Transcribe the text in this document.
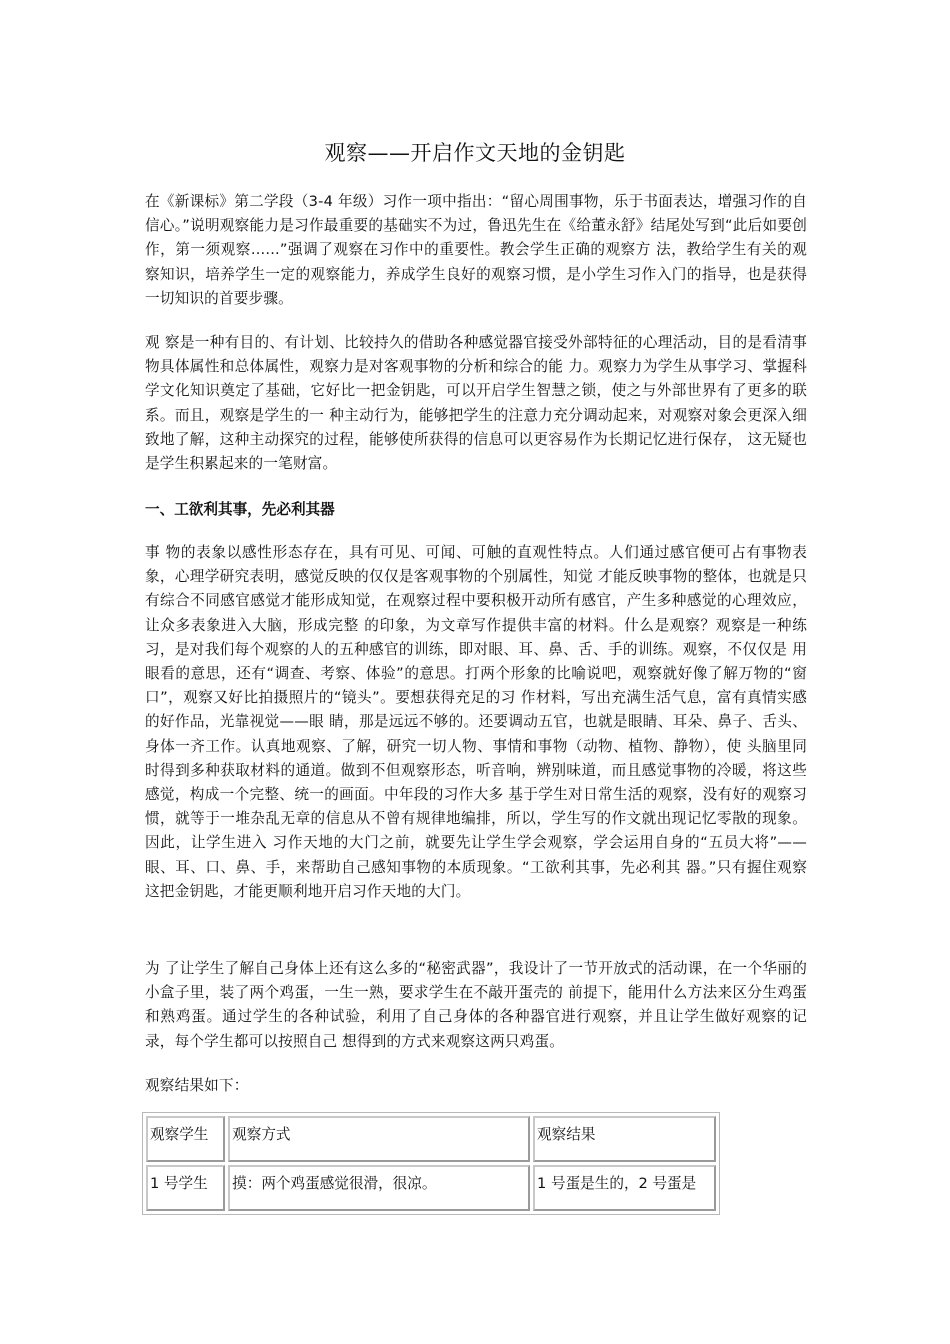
观察——开启作文天地的金钥匙

在《新课标》第二学段（3-4 年级）习作一项中指出：“留心周围事物，乐于书面表达，增强习作的自信心。”说明观察能力是习作最重要的基础实不为过，鲁迅先生在《给董永舒》结尾处写到“此后如要创作，第一须观察......”强调了观察在习作中的重要性。教会学生正确的观察方 法，教给学生有关的观察知识，培养学生一定的观察能力，养成学生良好的观察习惯，是小学生习作入门的指导，也是获得一切知识的首要步骤。

观 察是一种有目的、有计划、比较持久的借助各种感觉器官接受外部特征的心理活动，目的是看清事物具体属性和总体属性，观察力是对客观事物的分析和综合的能 力。观察力为学生从事学习、掌握科学文化知识奠定了基础，它好比一把金钥匙，可以开启学生智慧之锁，使之与外部世界有了更多的联系。而且，观察是学生的一 种主动行为，能够把学生的注意力充分调动起来，对观察对象会更深入细致地了解，这种主动探究的过程，能够使所获得的信息可以更容易作为长期记忆进行保存， 这无疑也是学生积累起来的一笔财富。

一、工欲利其事，先必利其器

事 物的表象以感性形态存在，具有可见、可闻、可触的直观性特点。人们通过感官便可占有事物表象，心理学研究表明，感觉反映的仅仅是客观事物的个别属性，知觉 才能反映事物的整体，也就是只有综合不同感官感觉才能形成知觉，在观察过程中要积极开动所有感官，产生多种感觉的心理效应，让众多表象进入大脑，形成完整 的印象，为文章写作提供丰富的材料。什么是观察？观察是一种练习，是对我们每个观察的人的五种感官的训练，即对眼、耳、鼻、舌、手的训练。观察，不仅仅是 用眼看的意思，还有“调查、考察、体验”的意思。打两个形象的比喻说吧，观察就好像了解万物的“窗口”，观察又好比拍摄照片的“镜头”。要想获得充足的习 作材料，写出充满生活气息，富有真情实感的好作品，光靠视觉——眼 睛，那是远远不够的。还要调动五官，也就是眼睛、耳朵、鼻子、舌头、身体一齐工作。认真地观察、了解，研究一切人物、事情和事物（动物、植物、静物），使 头脑里同时得到多种获取材料的通道。做到不但观察形态，听音响，辨别味道，而且感觉事物的冷暖，将这些感觉，构成一个完整、统一的画面。中年段的习作大多 基于学生对日常生活的观察，没有好的观察习惯，就等于一堆杂乱无章的信息从不曾有规律地编排，所以，学生写的作文就出现记忆零散的现象。因此，让学生进入 习作天地的大门之前，就要先让学生学会观察，学会运用自身的“五员大将”——眼、耳、口、鼻、手，来帮助自己感知事物的本质现象。“工欲利其事，先必利其 器。”只有握住观察这把金钥匙，才能更顺利地开启习作天地的大门。

为 了让学生了解自己身体上还有这么多的“秘密武器”，我设计了一节开放式的活动课，在一个华丽的小盒子里，装了两个鸡蛋，一生一熟，要求学生在不敲开蛋壳的 前提下，能用什么方法来区分生鸡蛋和熟鸡蛋。通过学生的各种试验，利用了自己身体的各种器官进行观察，并且让学生做好观察的记录，每个学生都可以按照自己 想得到的方式来观察这两只鸡蛋。

观察结果如下：

观察学生	观察方式	观察结果
1 号学生	摸：两个鸡蛋感觉很滑，很凉。	1 号蛋是生的，2 号蛋是
